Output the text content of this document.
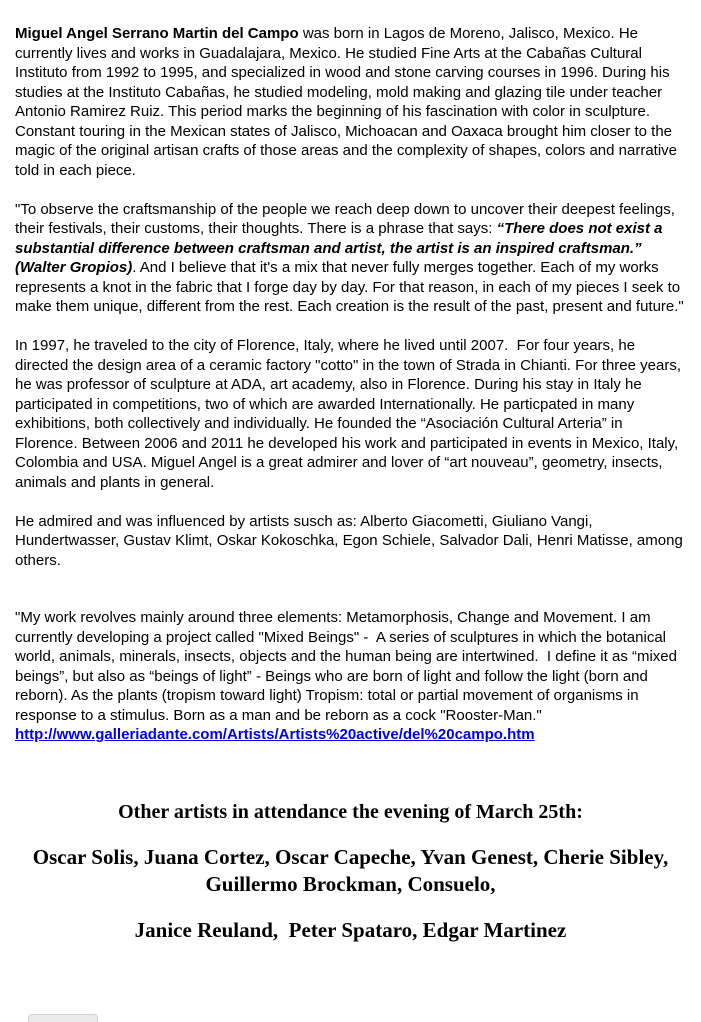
Miguel Angel Serrano Martin del Campo was born in Lagos de Moreno, Jalisco, Mexico. He currently lives and works in Guadalajara, Mexico. He studied Fine Arts at the Cabañas Cultural Instituto from 1992 to 1995, and specialized in wood and stone carving courses in 1996. During his studies at the Instituto Cabañas, he studied modeling, mold making and glazing tile under teacher Antonio Ramirez Ruiz. This period marks the beginning of his fascination with color in sculpture. Constant touring in the Mexican states of Jalisco, Michoacan and Oaxaca brought him closer to the magic of the original artisan crafts of those areas and the complexity of shapes, colors and narrative told in each piece.

"To observe the craftsmanship of the people we reach deep down to uncover their deepest feelings, their festivals, their customs, their thoughts. There is a phrase that says: “There does not exist a substantial difference between craftsman and artist, the artist is an inspired craftsman.” (Walter Gropios). And I believe that it's a mix that never fully merges together. Each of my works represents a knot in the fabric that I forge day by day. For that reason, in each of my pieces I seek to make them unique, different from the rest. Each creation is the result of the past, present and future."

In 1997, he traveled to the city of Florence, Italy, where he lived until 2007.  For four years, he directed the design area of a ceramic factory "cotto" in the town of Strada in Chianti. For three years, he was professor of sculpture at ADA, art academy, also in Florence. During his stay in Italy he participated in competitions, two of which are awarded Internationally. He particpated in many exhibitions, both collectively and individually. He founded the “Asociación Cultural Arteria” in Florence. Between 2006 and 2011 he developed his work and participated in events in Mexico, Italy, Colombia and USA. Miguel Angel is a great admirer and lover of “art nouveau”, geometry, insects, animals and plants in general.

He admired and was influenced by artists susch as: Alberto Giacometti, Giuliano Vangi, Hundertwasser, Gustav Klimt, Oskar Kokoschka, Egon Schiele, Salvador Dali, Henri Matisse, among others.

"My work revolves mainly around three elements: Metamorphosis, Change and Movement. I am currently developing a project called "Mixed Beings" -  A series of sculptures in which the botanical world, animals, minerals, insects, objects and the human being are intertwined.  I define it as “mixed beings”, but also as “beings of light” - Beings who are born of light and follow the light (born and reborn). As the plants (tropism toward light) Tropism: total or partial movement of organisms in response to a stimulus. Born as a man and be reborn as a cock "Rooster-Man." http://www.galleriadante.com/Artists/Artists%20active/del%20campo.htm

Other artists in attendance the evening of March 25th:

Oscar Solis, Juana Cortez, Oscar Capeche, Yvan Genest, Cherie Sibley, Guillermo Brockman, Consuelo,

Janice Reuland,  Peter Spataro, Edgar Martinez
